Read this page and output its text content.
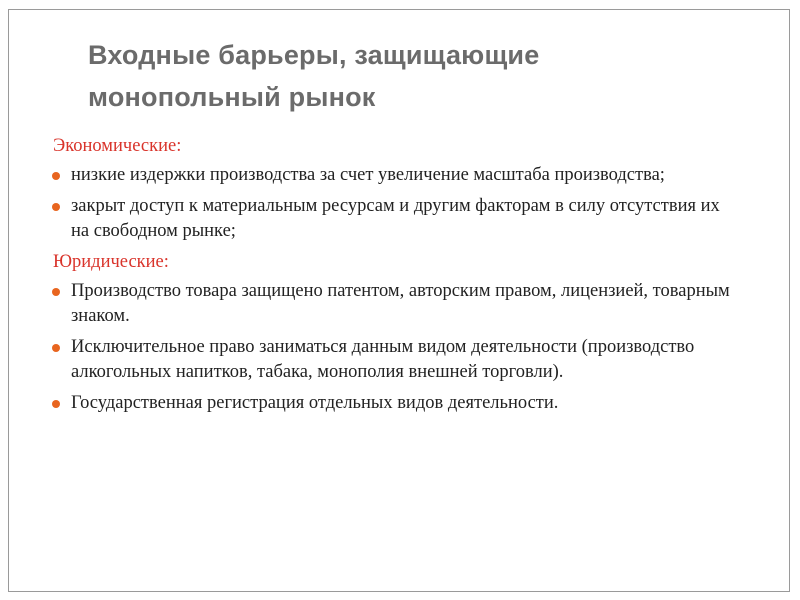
Входные барьеры, защищающие
монопольный рынок
Экономические:
низкие издержки производства за счет увеличение масштаба производства;
закрыт доступ к материальным ресурсам и другим факторам в силу отсутствия их на свободном рынке;
Юридические:
Производство товара защищено патентом, авторским правом, лицензией, товарным знаком.
Исключительное право заниматься данным видом деятельности (производство алкогольных напитков, табака, монополия внешней торговли).
Государственная регистрация отдельных видов деятельности.
